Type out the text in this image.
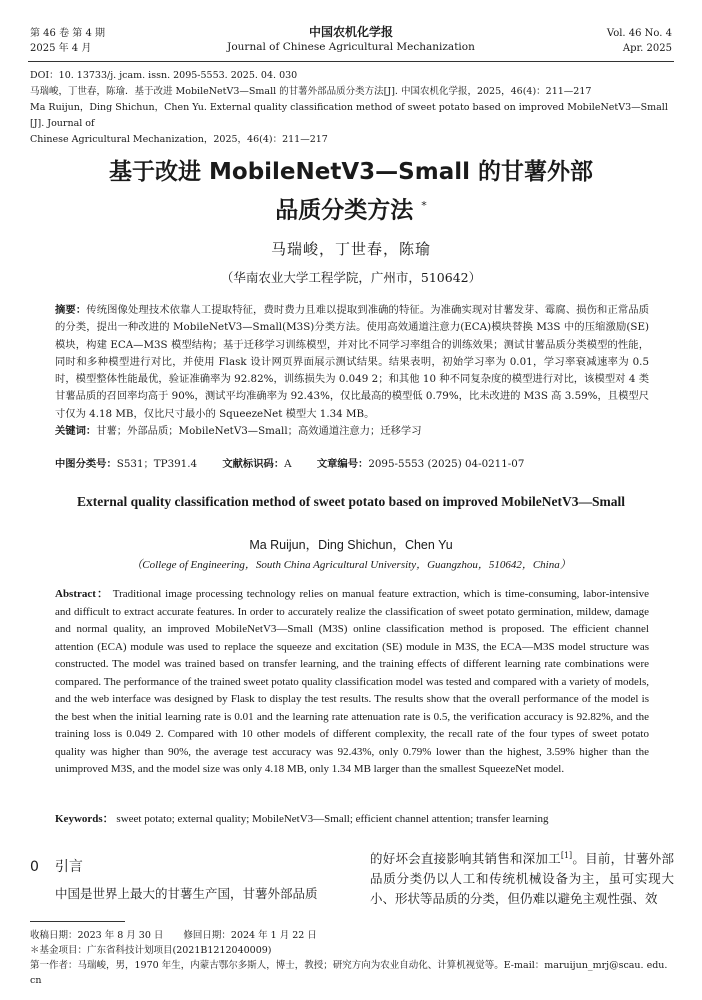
第 46 卷 第 4 期
2025 年 4 月
中国农机化学报
Journal of Chinese Agricultural Mechanization
Vol. 46 No. 4
Apr. 2025

DOI：10. 13733/j. jcam. issn. 2095-5553. 2025. 04. 030

马瑞峻，丁世春，陈瑜．基于改进 MobileNetV3—Small 的甘薯外部品质分类方法[J]. 中国农机化学报，2025，46(4)：211—217

Ma Ruijun，Ding Shichun，Chen Yu. External quality classification method of sweet potato based on improved MobileNetV3—Small [J]. Journal of

Chinese Agricultural Mechanization，2025，46(4)：211—217

基于改进 MobileNetV3—Small 的甘薯外部
品质分类方法 *
马瑞峻，丁世春，陈瑜
（华南农业大学工程学院，广州市，510642）

摘要：传统图像处理技术依靠人工提取特征，费时费力且难以提取到准确的特征。为准确实现对甘薯发芽、霉腐、损伤和正常品质的分类，提出一种改进的 MobileNetV3—Small(M3S)分类方法。使用高效通道注意力(ECA)模块替换 M3S 中的压缩激励(SE)模块，构建 ECA—M3S 模型结构；基于迁移学习训练模型，并对比不同学习率组合的训练效果；测试甘薯品质分类模型的性能，同时和多种模型进行对比，并使用 Flask 设计网页界面展示测试结果。结果表明，初始学习率为 0.01，学习率衰减速率为 0.5 时，模型整体性能最优，验证准确率为 92.82%，训练损失为 0.049 2；和其他 10 种不同复杂度的模型进行对比，该模型对 4 类甘薯品质的召回率均高于 90%，测试平均准确率为 92.43%，仅比最高的模型低 0.79%，比未改进的 M3S 高 3.59%，且模型尺寸仅为 4.18 MB，仅比尺寸最小的 SqueezeNet 模型大 1.34 MB。

关键词：甘薯；外部品质；MobileNetV3—Small；高效通道注意力；迁移学习

中图分类号：S531；TP391.4 文献标识码：A 文章编号：2095-5553 (2025) 04-0211-07
External quality classification method of sweet potato based on improved MobileNetV3—Small
Ma Ruijun，Ding Shichun，Chen Yu
（College of Engineering，South China Agricultural University，Guangzhou，510642，China）

Abstract： Traditional image processing technology relies on manual feature extraction, which is time-consuming, labor-intensive and difficult to extract accurate features. In order to accurately realize the classification of sweet potato germination, mildew, damage and normal quality, an improved MobileNetV3—Small (M3S) online classification method is proposed. The efficient channel attention (ECA) module was used to replace the squeeze and excitation (SE) module in M3S, the ECA—M3S model structure was constructed. The model was trained based on transfer learning, and the training effects of different learning rate combinations were compared. The performance of the trained sweet potato quality classification model was tested and compared with a variety of models, and the web interface was designed by Flask to display the test results. The results show that the overall performance of the model is the best when the initial learning rate is 0.01 and the learning rate attenuation rate is 0.5, the verification accuracy is 92.82%, and the training loss is 0.049 2. Compared with 10 other models of different complexity, the recall rate of the four types of sweet potato quality was higher than 90%, the average test accuracy was 92.43%, only 0.79% lower than the highest, 3.59% higher than the unimproved M3S, and the model size was only 4.18 MB, only 1.34 MB larger than the smallest SqueezeNet model.

Keywords： sweet potato; external quality; MobileNetV3—Small; efficient channel attention; transfer learning
0 引言
中国是世界上最大的甘薯生产国，甘薯外部品质
的好坏会直接影响其销售和深加工[1]。目前，甘薯外部品质分类仍以人工和传统机械设备为主，虽可实现大小、形状等品质的分类，但仍难以避免主观性强、效

收稿日期：2023 年 8 月 30 日 修回日期：2024 年 1 月 22 日

＊基金项目：广东省科技计划项目(2021B1212040009)

第一作者：马瑞峻，男，1970 年生，内蒙古鄂尔多斯人，博士，教授；研究方向为农业自动化、计算机视觉等。E-mail：maruijun_mrj@scau. edu. cn
